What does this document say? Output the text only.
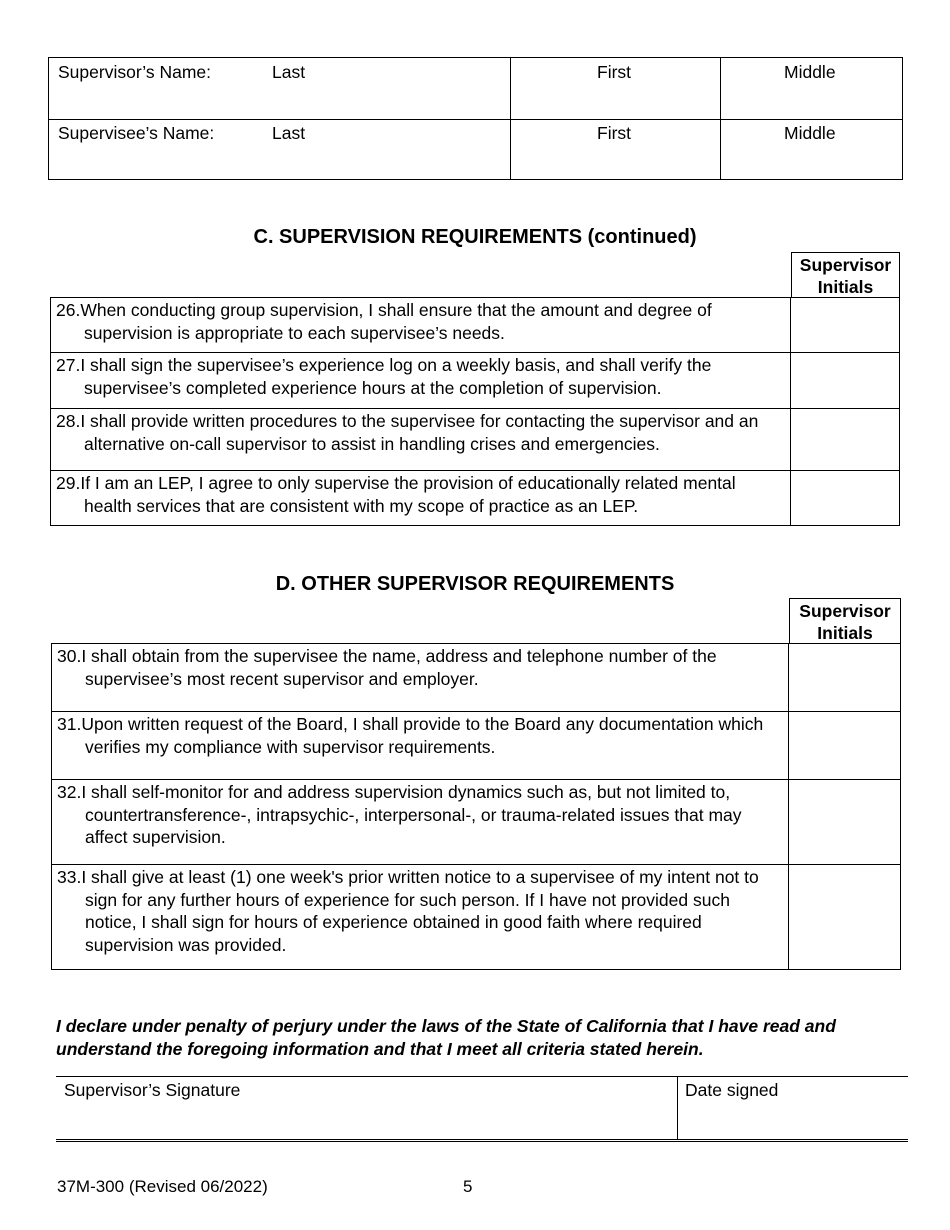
Supervisor’s Name:	Last	First	Middle
Supervisee’s Name:	Last	First	Middle
C. SUPERVISION REQUIREMENTS (continued)
Supervisor
Initials
26.When conducting group supervision, I shall ensure that the amount and degree of supervision is appropriate to each supervisee’s needs.	

27.I shall sign the supervisee’s experience log on a weekly basis, and shall verify the supervisee’s completed experience hours at the completion of supervision.	

28.I shall provide written procedures to the supervisee for contacting the supervisor and an alternative on-call supervisor to assist in handling crises and emergencies.	

29.If I am an LEP, I agree to only supervise the provision of educationally related mental health services that are consistent with my scope of practice as an LEP.	

D. OTHER SUPERVISOR REQUIREMENTS
Supervisor
Initials
30.I shall obtain from the supervisee the name, address and telephone number of the supervisee’s most recent supervisor and employer.	

31.Upon written request of the Board, I shall provide to the Board any documentation which verifies my compliance with supervisor requirements.	

32.I shall self-monitor for and address supervision dynamics such as, but not limited to, countertransference-, intrapsychic-, interpersonal-, or trauma-related issues that may affect supervision.	

33.I shall give at least (1) one week's prior written notice to a supervisee of my intent not to sign for any further hours of experience for such person. If I have not provided such notice, I shall sign for hours of experience obtained in good faith where required supervision was provided.	

I declare under penalty of perjury under the laws of the State of California that I have read and understand the foregoing information and that I meet all criteria stated herein.

Supervisor’s Signature	Date signed
37M-300 (Revised 06/2022)	5
